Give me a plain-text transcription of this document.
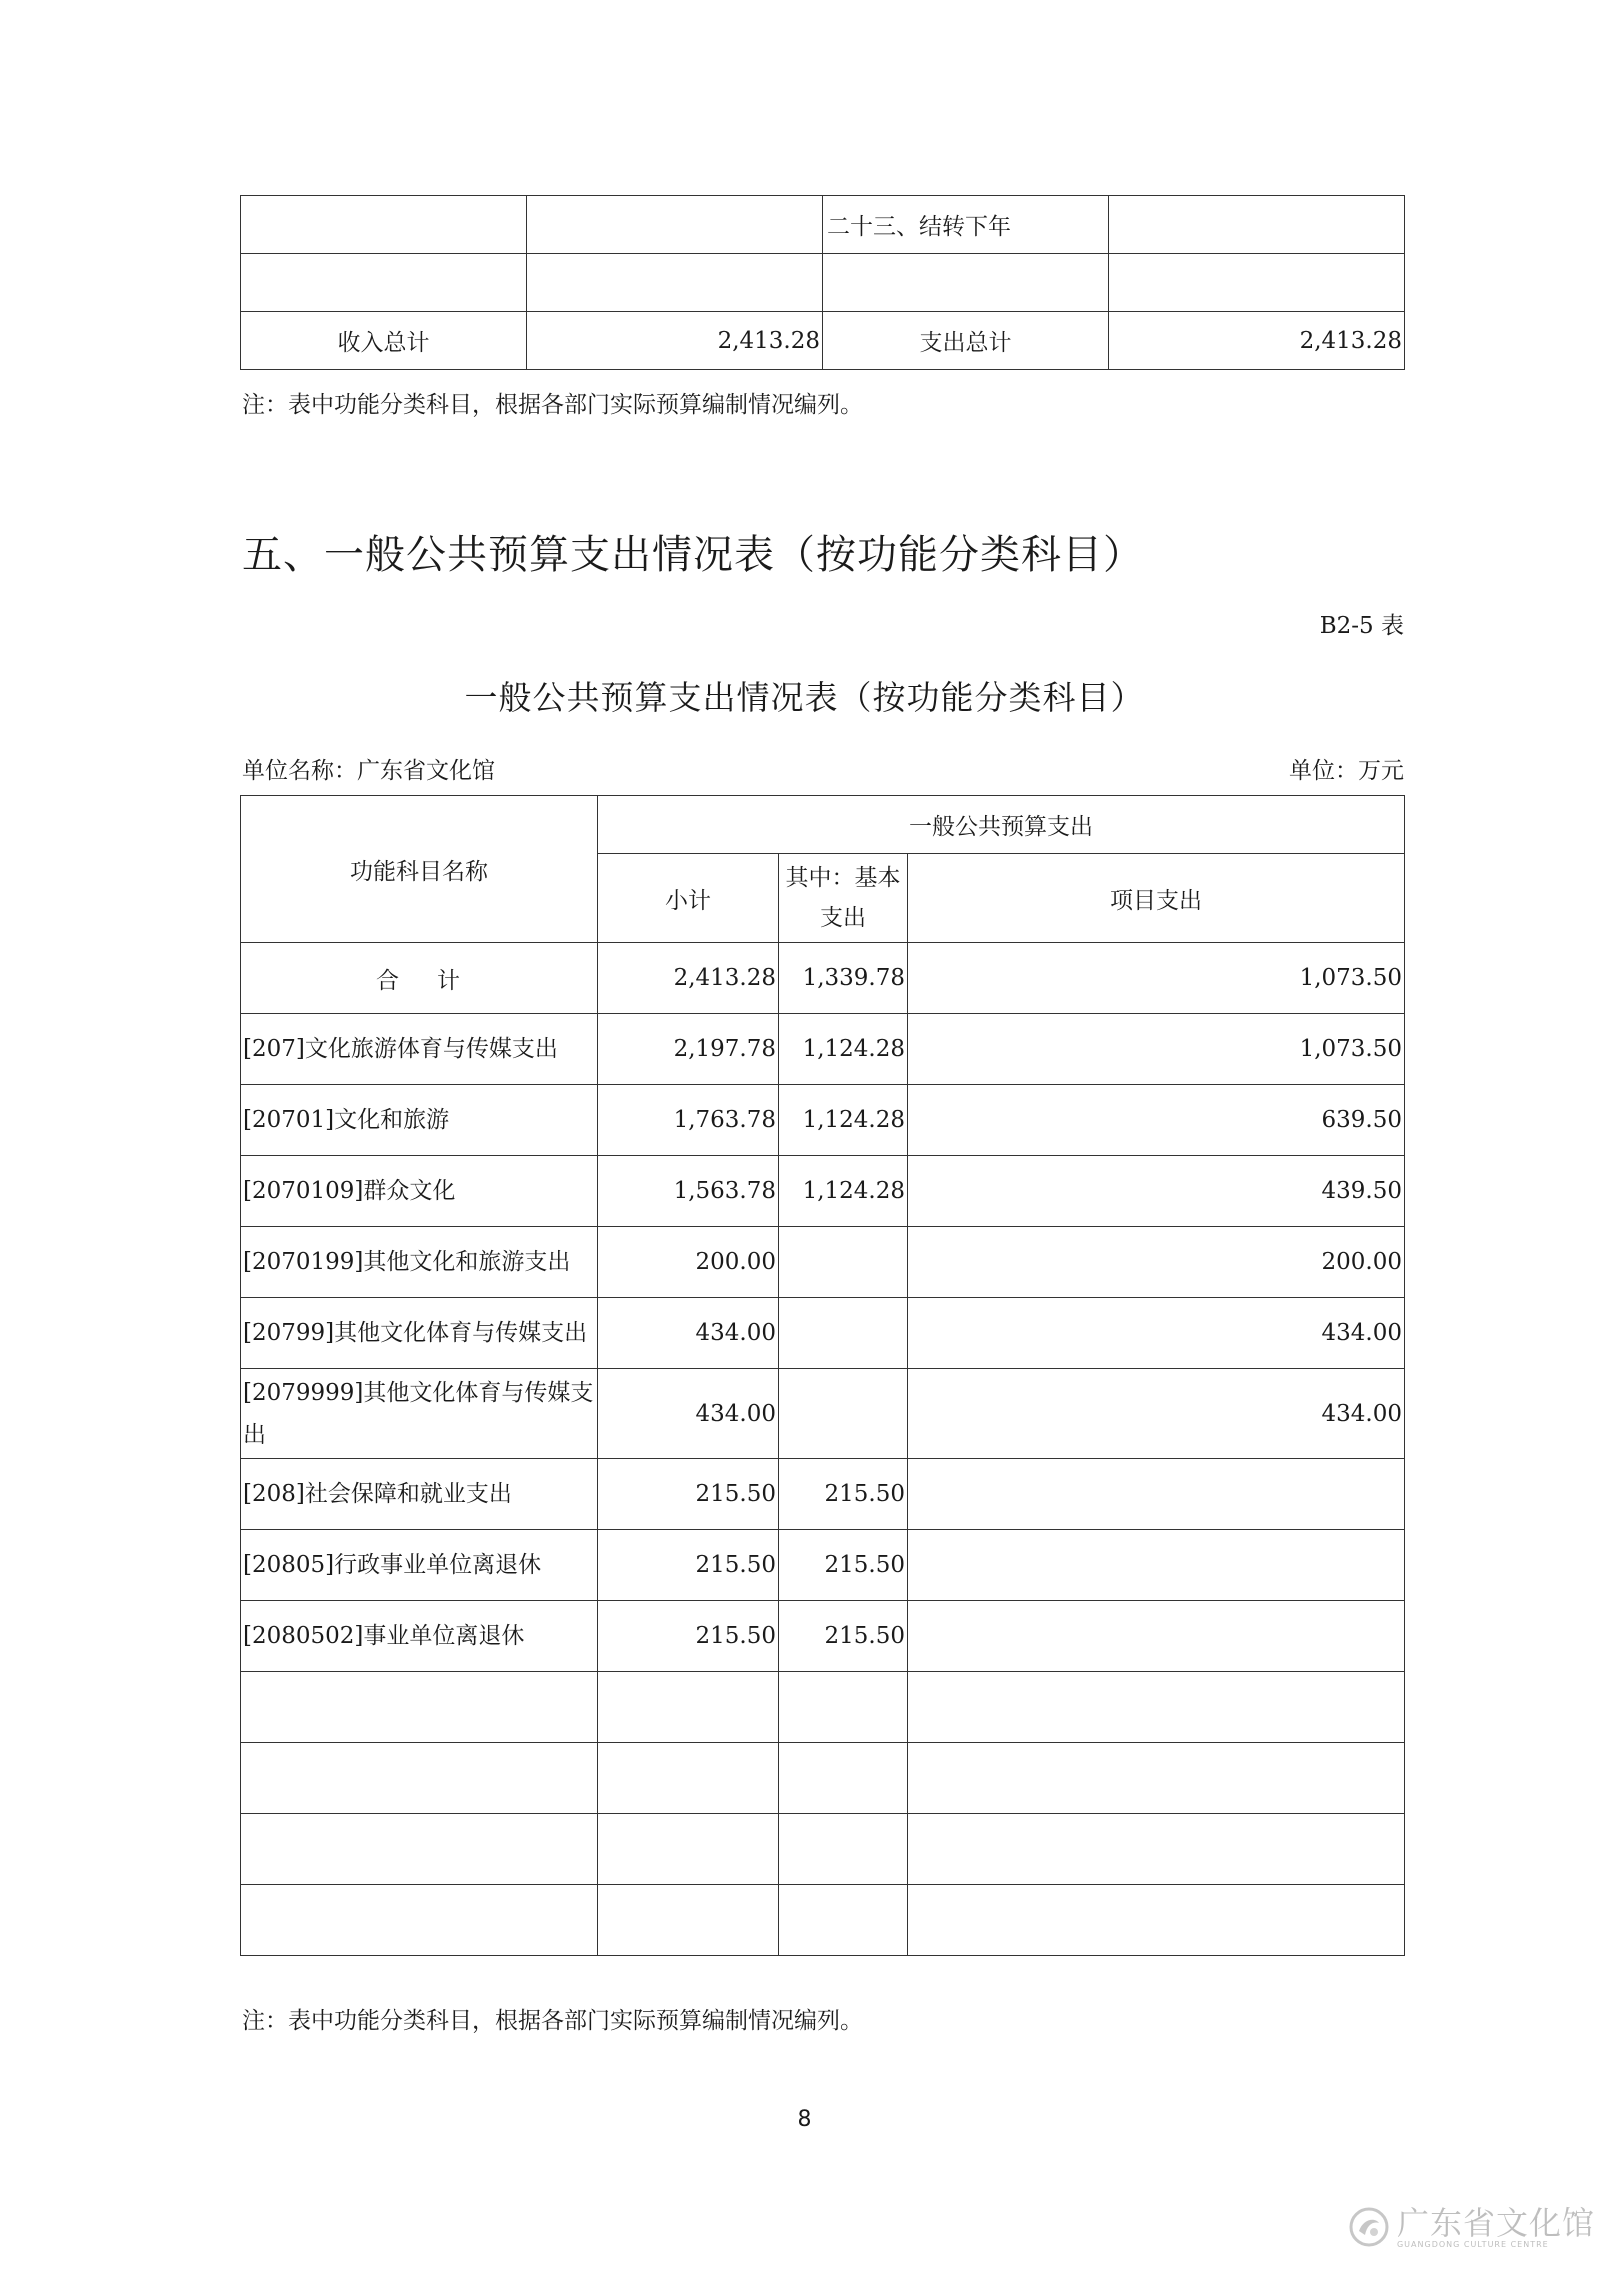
		二十三、结转下年	

收入总计	2,413.28	支出总计	2,413.28
注：表中功能分类科目，根据各部门实际预算编制情况编列。
五、一般公共预算支出情况表（按功能分类科目）
B2-5 表
一般公共预算支出情况表（按功能分类科目）
单位名称：广东省文化馆	单位：万元
功能科目名称	一般公共预算支出		
	小计	其中：基本支出	项目支出
合计	2,413.28	1,339.78	1,073.50
[207]文化旅游体育与传媒支出	2,197.78	1,124.28	1,073.50
[20701]文化和旅游	1,763.78	1,124.28	639.50
[2070109]群众文化	1,563.78	1,124.28	439.50
[2070199]其他文化和旅游支出	200.00		200.00
[20799]其他文化体育与传媒支出	434.00		434.00
[2079999]其他文化体育与传媒支出	434.00		434.00
[208]社会保障和就业支出	215.50	215.50	
[20805]行政事业单位离退休	215.50	215.50	
[2080502]事业单位离退休	215.50	215.50	

注：表中功能分类科目，根据各部门实际预算编制情况编列。
8
广东省文化馆
GUANGDONG CULTURE CENTRE
